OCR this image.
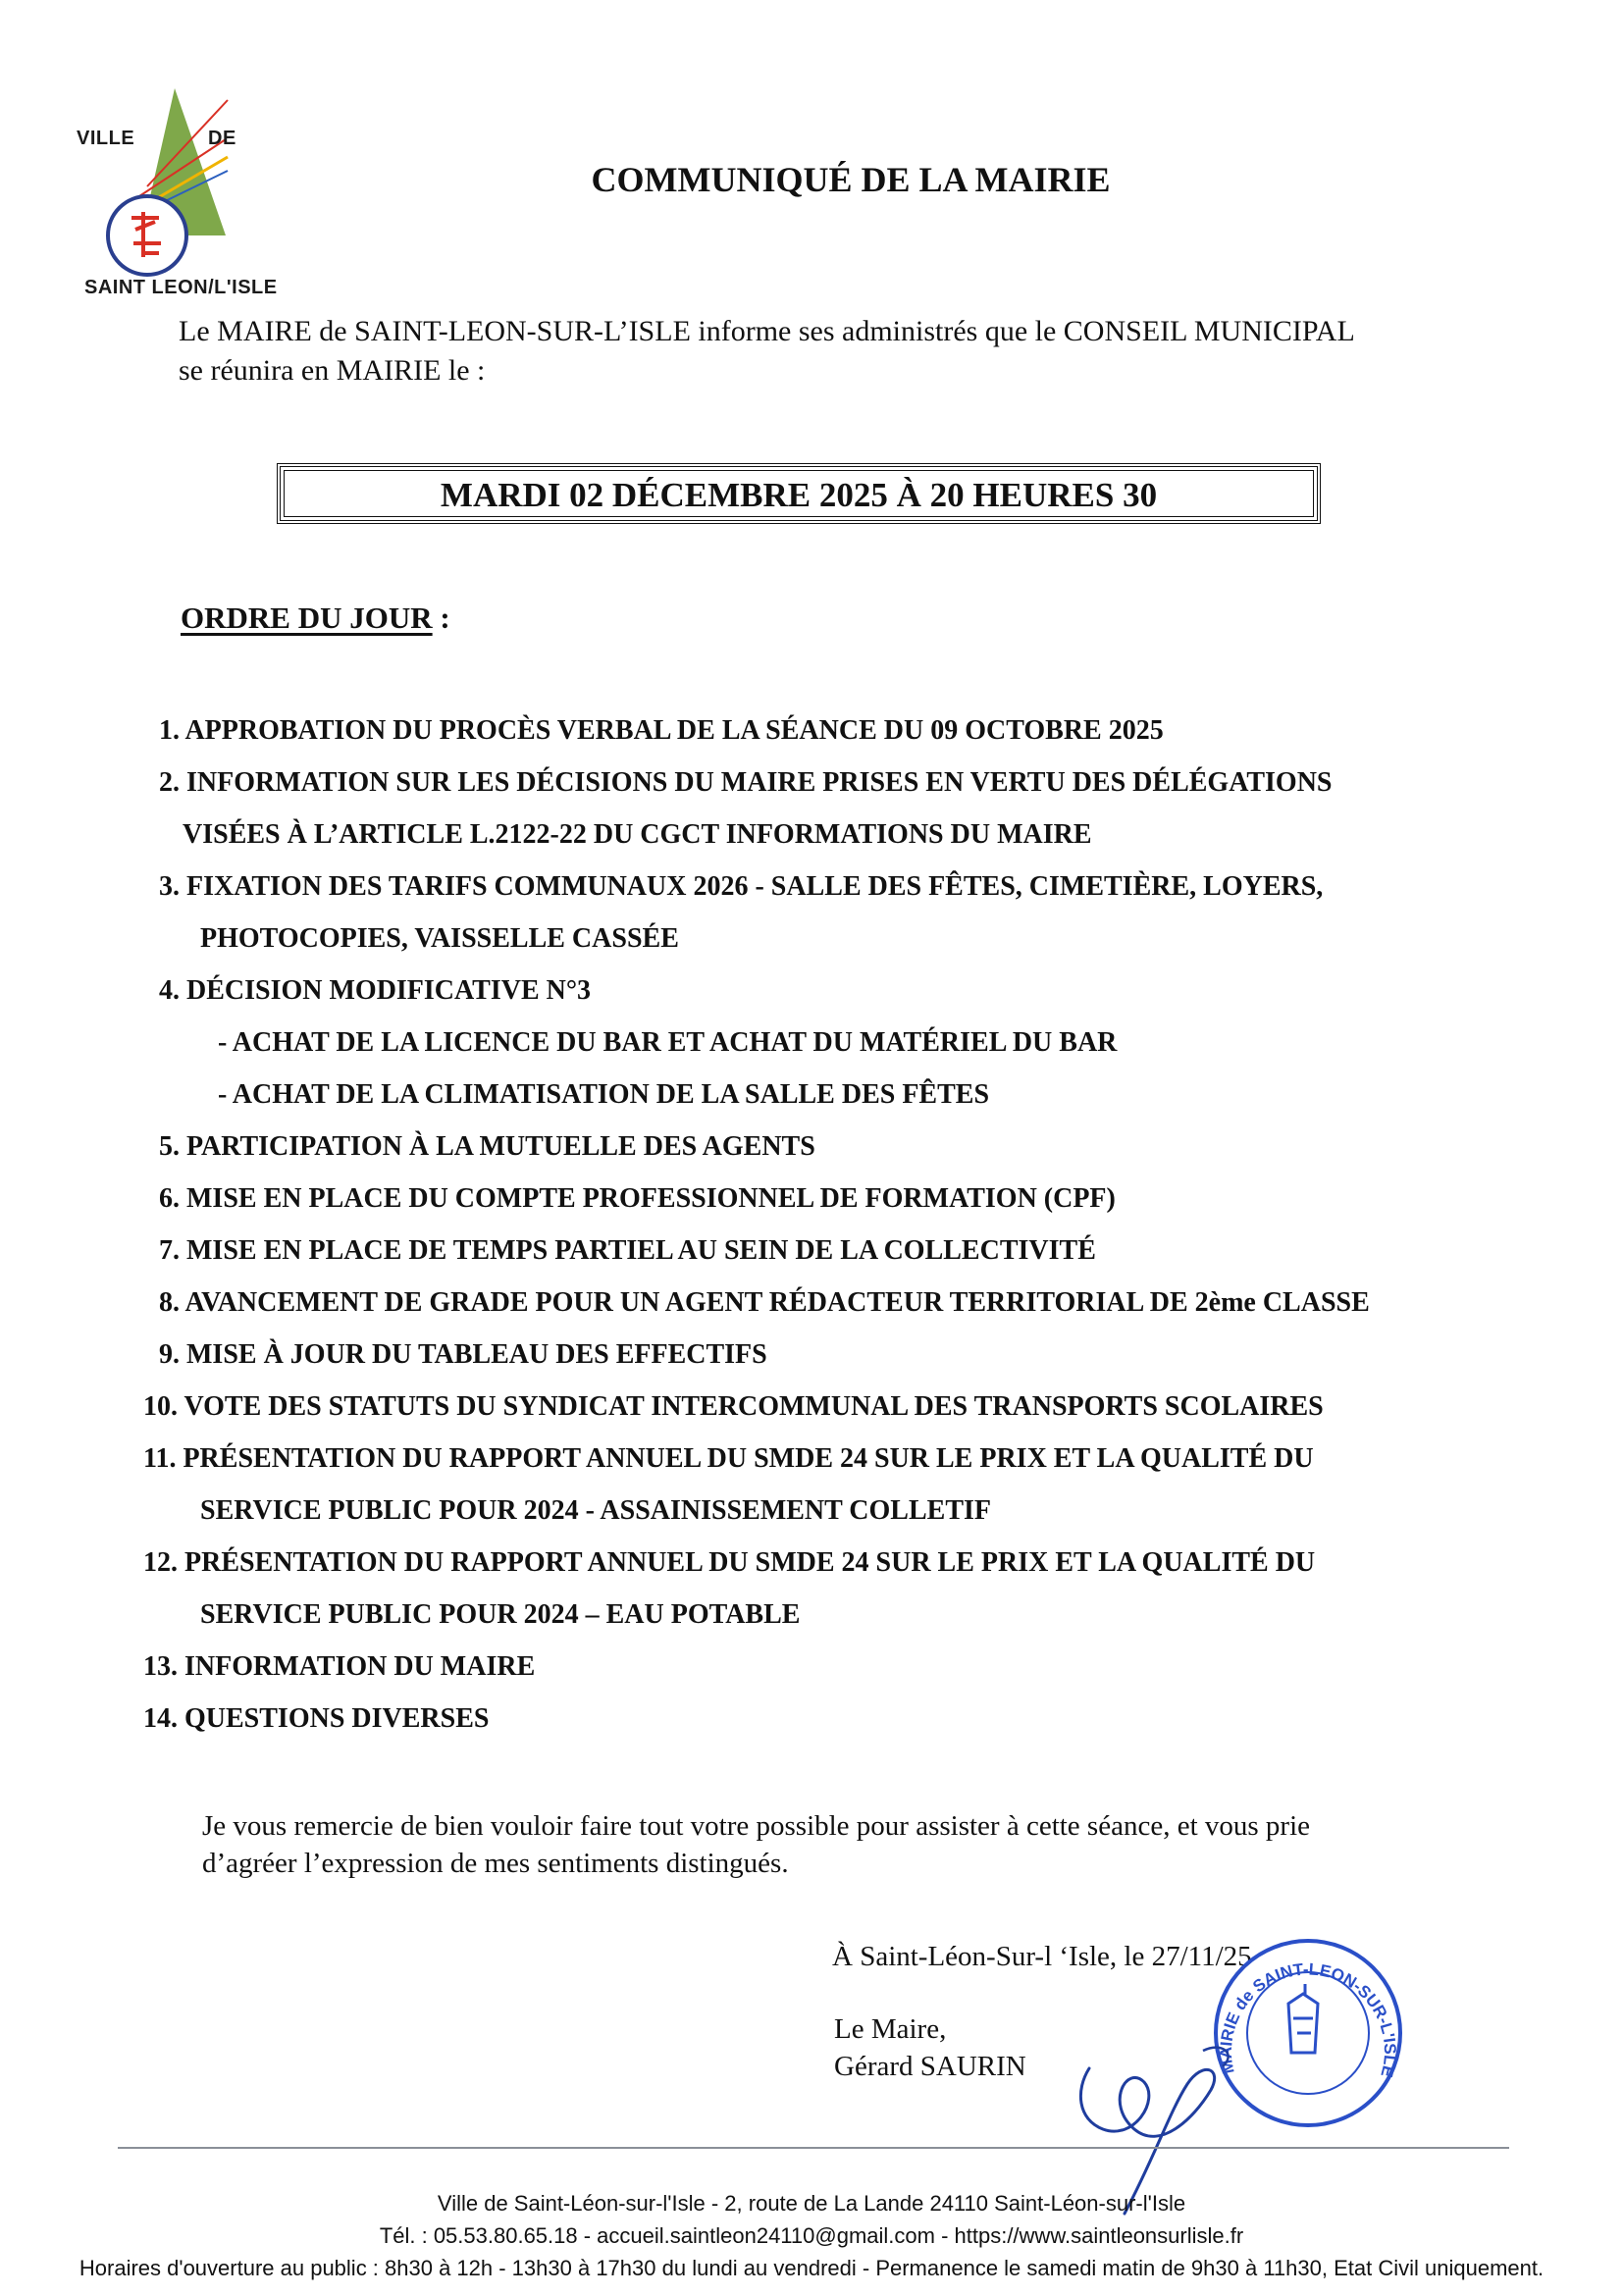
VILLE	DE
SAINT LEON/L'ISLE
COMMUNIQUÉ DE LA MAIRIE
Le MAIRE de SAINT-LEON-SUR-L’ISLE informe ses administrés que le CONSEIL MUNICIPAL
se réunira en MAIRIE le :
MARDI 02 DÉCEMBRE 2025 À 20 HEURES 30
ORDRE DU JOUR :
1. APPROBATION DU PROCÈS VERBAL DE LA SÉANCE DU 09 OCTOBRE 2025
2. INFORMATION SUR LES DÉCISIONS DU MAIRE PRISES EN VERTU DES DÉLÉGATIONS
VISÉES À L’ARTICLE L.2122-22 DU CGCT INFORMATIONS DU MAIRE
3. FIXATION DES TARIFS COMMUNAUX 2026 - SALLE DES FÊTES, CIMETIÈRE, LOYERS,
PHOTOCOPIES, VAISSELLE CASSÉE
4. DÉCISION MODIFICATIVE N°3
- ACHAT DE LA LICENCE DU BAR ET ACHAT DU MATÉRIEL DU BAR
- ACHAT DE LA CLIMATISATION DE LA SALLE DES FÊTES
5. PARTICIPATION À LA MUTUELLE DES AGENTS
6. MISE EN PLACE DU COMPTE PROFESSIONNEL DE FORMATION (CPF)
7. MISE EN PLACE DE TEMPS PARTIEL AU SEIN DE LA COLLECTIVITÉ
8. AVANCEMENT DE GRADE POUR UN AGENT RÉDACTEUR TERRITORIAL DE 2ème CLASSE
9. MISE À JOUR DU TABLEAU DES EFFECTIFS
10. VOTE DES STATUTS DU SYNDICAT INTERCOMMUNAL DES TRANSPORTS SCOLAIRES
11. PRÉSENTATION DU RAPPORT ANNUEL DU SMDE 24 SUR LE PRIX ET LA QUALITÉ DU
SERVICE PUBLIC POUR 2024 - ASSAINISSEMENT COLLETIF
12. PRÉSENTATION DU RAPPORT ANNUEL DU SMDE 24 SUR LE PRIX ET LA QUALITÉ DU
SERVICE PUBLIC POUR 2024 – EAU POTABLE
13. INFORMATION DU MAIRE
14. QUESTIONS DIVERSES
Je vous remercie de bien vouloir faire tout votre possible pour assister à cette séance, et vous prie
d’agréer l’expression de mes sentiments distingués.
À Saint-Léon-Sur-l ‘Isle, le 27/11/25
Le Maire,
Gérard SAURIN	MAIRIE de SAINT-LEON-SUR-L'ISLE
Ville de Saint-Léon-sur-l'Isle - 2, route de La Lande 24110 Saint-Léon-sur-l'Isle
Tél. : 05.53.80.65.18 - accueil.saintleon24110@gmail.com - https://www.saintleonsurlisle.fr
Horaires d'ouverture au public : 8h30 à 12h - 13h30 à 17h30 du lundi au vendredi - Permanence le samedi matin de 9h30 à 11h30, Etat Civil uniquement.
